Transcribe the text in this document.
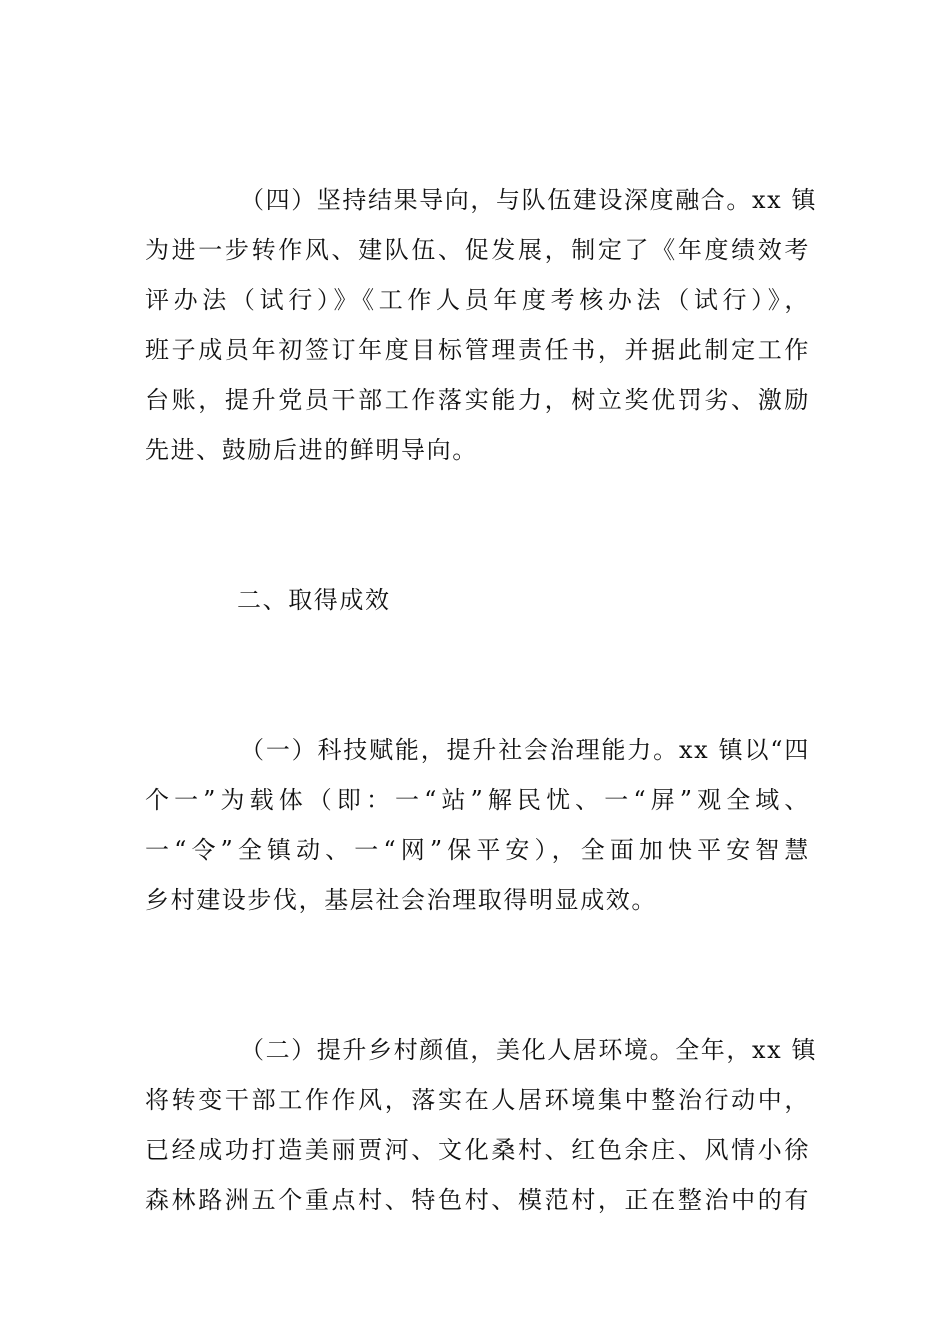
（四）坚持结果导向，与队伍建设深度融合。xx 镇
为进一步转作风、建队伍、促发展，制定了《年度绩效考
评办法（试行）》《工作人员年度考核办法（试行）》，
班子成员年初签订年度目标管理责任书，并据此制定工作
台账，提升党员干部工作落实能力，树立奖优罚劣、激励
先进、鼓励后进的鲜明导向。
二、取得成效
（一）科技赋能，提升社会治理能力。xx 镇以“四
个一”为载体（即：一“站”解民忧、一“屏”观全域、
一“令”全镇动、一“网”保平安），全面加快平安智慧
乡村建设步伐，基层社会治理取得明显成效。
（二）提升乡村颜值，美化人居环境。全年，xx 镇
将转变干部工作作风，落实在人居环境集中整治行动中，
已经成功打造美丽贾河、文化桑村、红色余庄、风情小徐
森林路洲五个重点村、特色村、模范村，正在整治中的有
